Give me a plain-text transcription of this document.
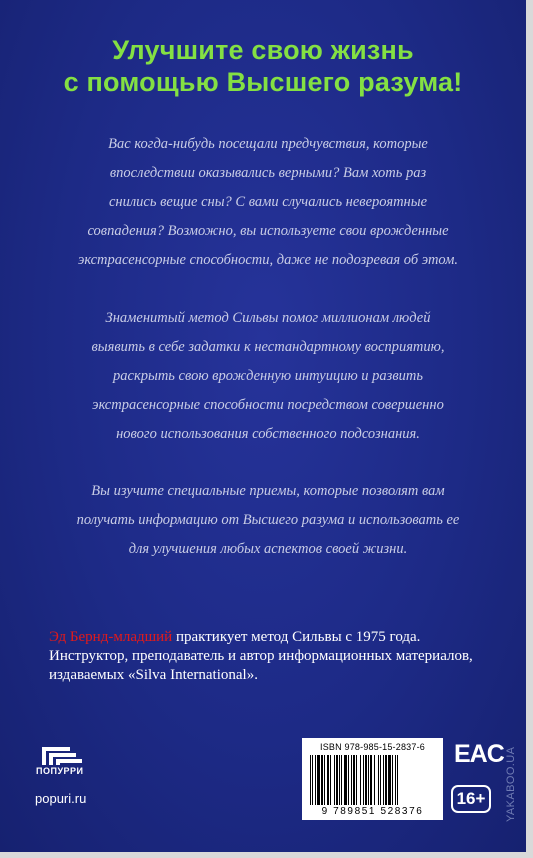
Улучшите свою жизнь
с помощью Высшего разума!
Вас когда-нибудь посещали предчувствия, которые
впоследствии оказывались верными? Вам хоть раз
снились вещие сны? С вами случались невероятные
совпадения? Возможно, вы используете свои врожденные
экстрасенсорные способности, даже не подозревая об этом.
Знаменитый метод Сильвы помог миллионам людей
выявить в себе задатки к нестандартному восприятию,
раскрыть свою врожденную интуицию и развить
экстрасенсорные способности посредством совершенно
нового использования собственного подсознания.
Вы изучите специальные приемы, которые позволят вам
получать информацию от Высшего разума и использовать ее
для улучшения любых аспектов своей жизни.
Эд Бернд-младший практикует метод Сильвы с 1975 года.
Инструктор, преподаватель и автор информационных материалов,
издаваемых «Silva International».
ПОПУРРИ
popuri.ru
ISBN 978-985-15-2837-6
9 789851 528376
EAC
16+	YAKABOO.UA
